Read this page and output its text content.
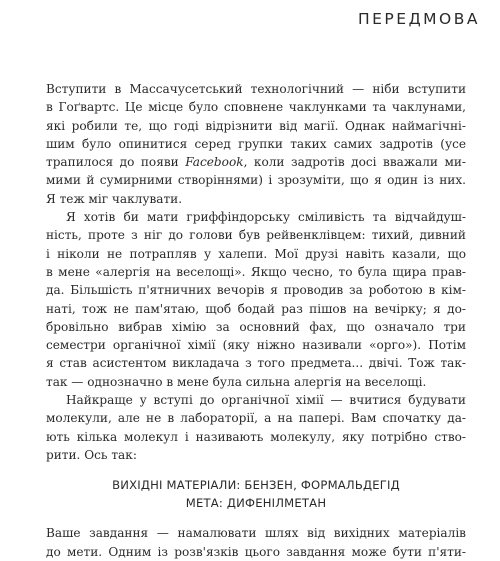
ПЕРЕДМОВА
Вступити в Массачусетський технологічний — ніби вступити
в Гоґвартс. Це місце було сповнене чаклунками та чаклунами,
які робили те, що годі відрізнити від магії. Однак наймагічні-
шим було опинитися серед групки таких самих задротів (усе
трапилося до появи Facebook, коли задротів досі вважали ми-
мими й сумирними створіннями) і зрозуміти, що я один із них.
Я теж міг чаклувати.
Я хотів би мати гриффіндорську сміливість та відчайдуш-
ність, проте з ніг до голови був рейвенклівцем: тихий, дивний
і ніколи не потрапляв у халепи. Мої друзі навіть казали, що
в мене «алергія на веселощі». Якщо чесно, то була щира прав-
да. Більшість п'ятничних вечорів я проводив за роботою в кім-
наті, тож не пам'ятаю, щоб бодай раз пішов на вечірку; я до-
бровільно вибрав хімію за основний фах, що означало три
семестри органічної хімії (яку ніжно називали «орго»). Потім
я став асистентом викладача з того предмета... двічі. Тож так-
так — однозначно в мене була сильна алергія на веселощі.
Найкраще у вступі до органічної хімії — вчитися будувати
молекули, але не в лабораторії, а на папері. Вам спочатку да-
ють кілька молекул і називають молекулу, яку потрібно ство-
рити. Ось так:
ВИХІДНІ МАТЕРІАЛИ: БЕНЗЕН, ФОРМАЛЬДЕГІД
МЕТА: ДИФЕНІЛМЕТАН
Ваше завдання — намалювати шлях від вихідних матеріалів
до мети. Одним із розв'язків цього завдання може бути п'яти-
